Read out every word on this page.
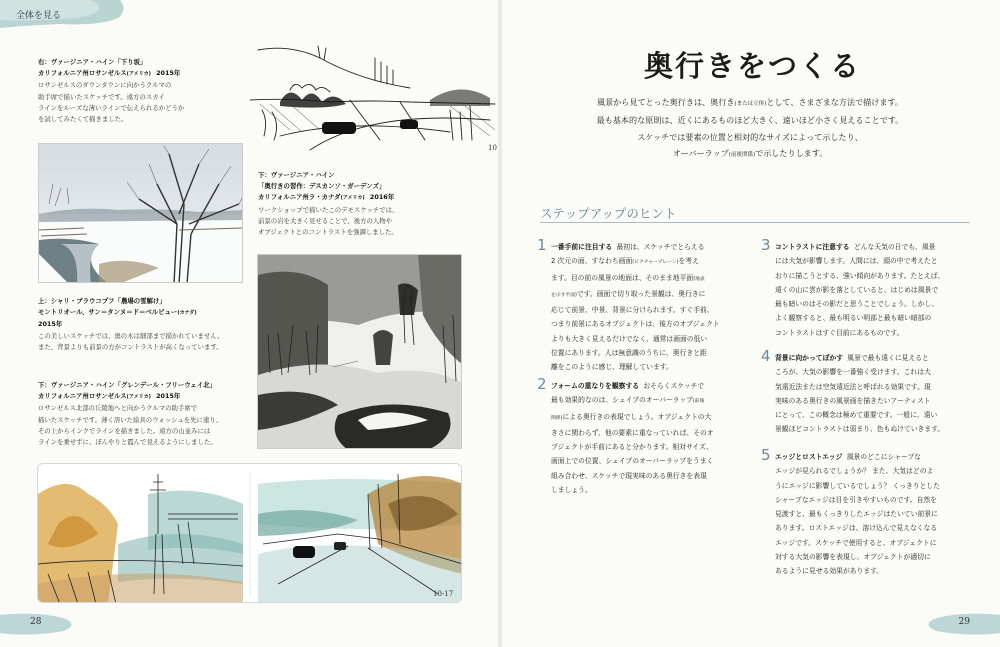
全体を見る
右：ヴァージニア・ハイン「下り坂」
カリフォルニア州ロサンゼルス(アメリカ) 2015年
ロサンゼルスのダウンタウンに向かうクルマの
助手席で描いたスケッチです。遠方のスカイ
ラインをルーズな薄いラインで伝えられるかどうか
を試してみたくて描きました。
10
下：ヴァージニア・ハイン
「奥行きの習作：デスカンソ・ガーデンズ」
カリフォルニア州ラ・カナダ(アメリカ) 2016年
ワークショップで描いたこのデモスケッチでは、
前景の岩を大きく見せることで、後方の人物や
オブジェクトとのコントラストを強調しました。
上：シャリ・ブラウコプフ「農場の雪解け」
モントリオール、サン＝タンヌ＝ド＝ベルビュー(カナダ)
2015年
この美しいスケッチでは、奥の木は細部まで描かれていません。
また、背景よりも前景の方がコントラストが高くなっています。
下：ヴァージニア・ハイン「グレンデール・フリーウェイ北」
カリフォルニア州ロサンゼルス(アメリカ) 2015年
ロサンゼルス北部の丘陵地へと向かうクルマの助手席で
描いたスケッチです。薄く溶いた絵具のウォッシュを先に塗り、
その上からインクでラインを描きました。遠方の山並みには
ラインを乗せずに、ぼんやりと霞んで見えるようにしました。
10-17
28	29
奥行きをつくる
風景から見てとった奥行きは、奥行き(または立体)として、さまざまな方法で描けます。
最も基本的な原則は、近くにあるものほど大きく、遠いほど小さく見えることです。
スケッチでは要素の位置と相対的なサイズによって示したり、
オーバーラップ(前後関係)で示したりします。
ステップアップのヒント
1 一番手前に注目する 最初は、スケッチでとらえる
2 次元の面、すなわち画面(ピクチャープレーン)を考え
ます。目の前の風景の地面は、そのまま地平面(地表
を示す平面)です。画面で切り取った景観は、奥行きに
応じて前景、中景、背景に分けられます。すぐ手前、
つまり前景にあるオブジェクトは、後方のオブジェクト
よりも大きく見えるだけでなく、通常は画面の低い
位置にあります。人は無意識のうちに、奥行きと距
離をこのように感じ、理解しています。
2 フォームの重なりを観察する おそらくスケッチで
最も効果的なのは、シェイプのオーバーラップ(前後
関係)による奥行きの表現でしょう。オブジェクトの大
きさに関わらず、他の要素に重なっていれば、そのオ
ブジェクトが手前にあると分かります。相対サイズ、
画面上での位置、シェイプのオーバーラップをうまく
組み合わせ、スケッチで現実味のある奥行きを表現
しましょう。
3 コントラストに注意する どんな天気の日でも、風景
には大気が影響します。人間には、頭の中で考えたと
おりに描こうとする、強い傾向があります。たとえば、
遠くの山に雲が影を落としていると、はじめは風景で
最も暗いのはその影だと思うことでしょう。しかし、
よく観察すると、最も明るい明部と最も暗い暗部の
コントラストはすぐ目前にあるものです。
4 背景に向かってぼかす 風景で最も遠くに見えると
ころが、大気の影響を一番強く受けます。これは大
気遠近法または空気遠近法と呼ばれる効果です。現
実味のある奥行きの風景画を描きたいアーティスト
にとって、この概念は極めて重要です。一般に、遠い
景観ほどコントラストは弱まり、色もぬけていきます。
5 エッジとロストエッジ 風景のどこにシャープな
エッジが見られるでしょうか？ また、大気はどのよ
うにエッジに影響しているでしょう？ くっきりとした
シャープなエッジは目を引きやすいものです。自然を
見渡すと、最もくっきりしたエッジはたいてい前景に
あります。ロストエッジは、溶け込んで見えなくなる
エッジです。スケッチで使用すると、オブジェクトに
対する大気の影響を表現し、オブジェクトが適切に
あるように見せる効果があります。
